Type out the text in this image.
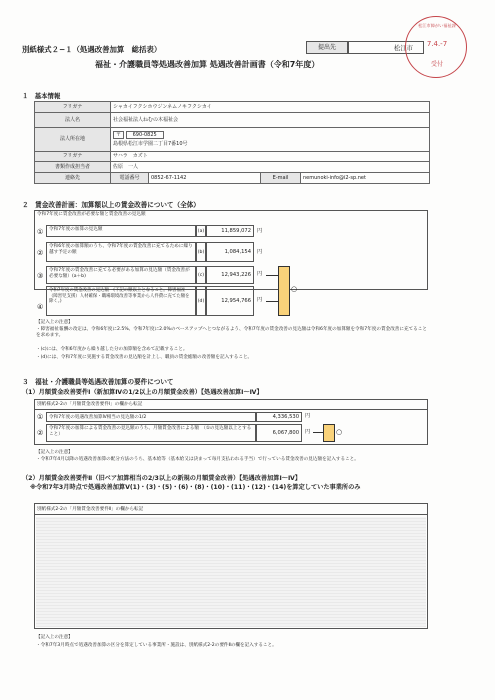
別紙様式２−１（処遇改善加算　総括表）	提出先	松江市
福祉・介護職員等処遇改善加算 処遇改善計画書（令和7年度）
松江市障がい福祉課
7.4.-7
受付
１　基本情報
フリガナ	シャカイフクシホウジンネムノキフクシカイ			
法人名	社会福祉法人ねむの木福祉会			
法人所在地	〒 690-0825
島根県松江市学園二丁目7番10号			

フリガナ	サハラ　カズト			
書類作成担当者	佐原　一人			
連絡先	電話番号	0852-67-1142	E-mail	nemunoki-info@i2-sp.net
２　賃金改善計画：加算額以上の賃金改善について（全体）
令和7年度に賃金改善が必要な額と賃金改善の見込額
①	令和7年度の加算の見込額	(a)	11,859,072	円
②
令和6年度の加算額のうち、令和7年度の賃金改善に充てるために繰り越す予定の額	(b)	1,084,154	円
③
令和7年度の賃金改善に充てる必要がある加算の見込額（賃金改善が必要な額）(a＋b)	(c)	12,943,226	円
④
令和7年度の賃金改善の見込額　(下記の額以上となること。障害福祉（障害児支援）人材確保・職場環境改善等事業から人件費に充てた額を除く。)	(d)	12,954,766	円
○
【記入上の注意】
・障害福祉報酬の改定は、令和6年度に2.5%、令和7年度に2.0%のベースアップへとつながるよう、令和7年度の賃金改善の見込額は令和6年度の加算額を令和7年度の賃金改善に充てることを求めます。
・(c)には、令和6年度から繰り越した分の加算額を含めて記載すること。
・(d)には、令和7年度に実施する賃金改善の見込額を計上し、職員の賃金総額の改善額を記入すること。
３　福祉・介護職員等処遇改善加算の要件について
（1）月額賃金改善要件Ⅰ（新加算Ⅳの1/2以上の月額賃金改善）【処遇改善加算Ⅰ～Ⅳ】
別紙様式2-2の「月額賃金改善要件Ⅰ」の欄から転記
①	令和7年度の処遇改善加算Ⅳ相当の見込額の1/2	4,336,530	円
②
令和7年度の加算による賃金改善の見込額のうち、月額賃金改善による額　（①の見込額以上とすること）	6,067,800	円	○
【記入上の注意】
・令和7年4月以降の処遇改善加算の配分方法のうち、基本給等（基本給又は決まって毎月支払われる手当）で行っている賃金改善の見込額を記入すること。
（2）月額賃金改善要件Ⅱ（旧ベア加算相当の2/3以上の新規の月額賃金改善）【処遇改善加算Ⅰ～Ⅳ】
※令和7年3月時点で処遇改善加算Ⅴ(1)・(3)・(5)・(6)・(8)・(10)・(11)・(12)・(14)を算定していた事業所のみ
別紙様式2-2の「月額賃金改善要件Ⅱ」の欄から転記
【記入上の注意】
・令和7年3月時点で処遇改善加算の区分を算定している事業所・施設は、別紙様式2-2の要件Ⅱの欄を記入すること。
